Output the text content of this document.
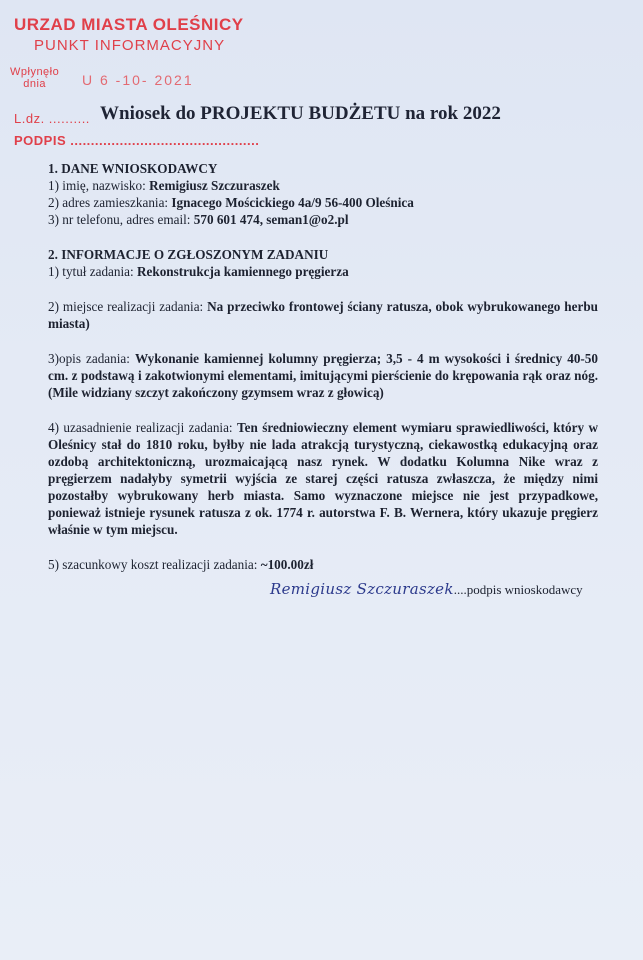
URZAD MIASTA OLEŚNICY
PUNKT INFORMACYJNY
Wpłynęło
dnia	U 6 -10- 2021
L.dz. ..........
PODPIS ..............................................
Wniosek do PROJEKTU BUDŻETU na rok 2022
1. DANE WNIOSKODAWCY
1) imię, nazwisko: Remigiusz Szczuraszek
2) adres zamieszkania: Ignacego Mościckiego 4a/9 56-400 Oleśnica
3) nr telefonu, adres email: 570 601 474, seman1@o2.pl
2. INFORMACJE O ZGŁOSZONYM ZADANIU
1) tytuł zadania: Rekonstrukcja kamiennego pręgierza
2) miejsce realizacji zadania: Na przeciwko frontowej ściany ratusza, obok wybrukowanego herbu miasta)
3)opis zadania: Wykonanie kamiennej kolumny pręgierza; 3,5 - 4 m wysokości i średnicy 40-50 cm. z podstawą i zakotwionymi elementami, imitującymi pierścienie do krępowania rąk oraz nóg. (Mile widziany szczyt zakończony gzymsem wraz z głowicą)
4) uzasadnienie realizacji zadania: Ten średniowieczny element wymiaru sprawiedliwości, który w Oleśnicy stał do 1810 roku, byłby nie lada atrakcją turystyczną, ciekawostką edukacyjną oraz ozdobą architektoniczną, urozmaicającą nasz rynek. W dodatku Kolumna Nike wraz z pręgierzem nadałyby symetrii wyjścia ze starej części ratusza zwłaszcza, że między nimi pozostałby wybrukowany herb miasta. Samo wyznaczone miejsce nie jest przypadkowe, ponieważ istnieje rysunek ratusza z ok. 1774 r. autorstwa F. B. Wernera, który ukazuje pręgierz właśnie w tym miejscu.
5) szacunkowy koszt realizacji zadania: ~100.00zł
Remigiusz Szczuraszek....podpis wnioskodawcy
